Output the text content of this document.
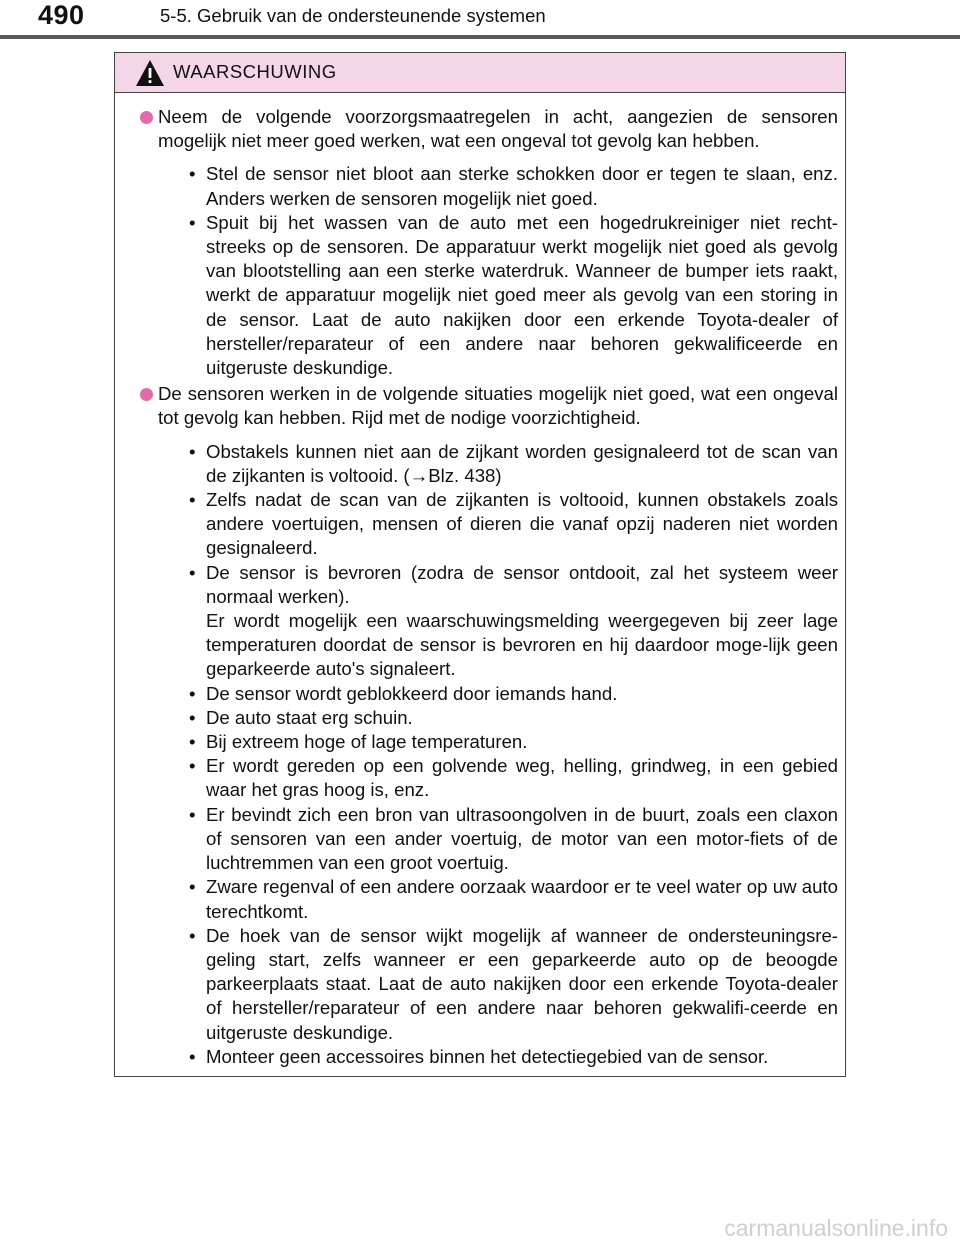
490	5-5. Gebruik van de ondersteunende systemen
WAARSCHUWING

Neem de volgende voorzorgsmaatregelen in acht, aangezien de sensoren mogelijk niet meer goed werken, wat een ongeval tot gevolg kan hebben.

• Stel de sensor niet bloot aan sterke schokken door er tegen te slaan, enz. Anders werken de sensoren mogelijk niet goed.
• Spuit bij het wassen van de auto met een hogedrukreiniger niet recht-streeks op de sensoren. De apparatuur werkt mogelijk niet goed als gevolg van blootstelling aan een sterke waterdruk. Wanneer de bumper iets raakt, werkt de apparatuur mogelijk niet goed meer als gevolg van een storing in de sensor. Laat de auto nakijken door een erkende Toyota-dealer of hersteller/reparateur of een andere naar behoren gekwalificeerde en uitgeruste deskundige.

De sensoren werken in de volgende situaties mogelijk niet goed, wat een ongeval tot gevolg kan hebben. Rijd met de nodige voorzichtigheid.

• Obstakels kunnen niet aan de zijkant worden gesignaleerd tot de scan van de zijkanten is voltooid. (→Blz. 438)
• Zelfs nadat de scan van de zijkanten is voltooid, kunnen obstakels zoals andere voertuigen, mensen of dieren die vanaf opzij naderen niet worden gesignaleerd.
• De sensor is bevroren (zodra de sensor ontdooit, zal het systeem weer normaal werken).
Er wordt mogelijk een waarschuwingsmelding weergegeven bij zeer lage temperaturen doordat de sensor is bevroren en hij daardoor moge-lijk geen geparkeerde auto's signaleert.
• De sensor wordt geblokkeerd door iemands hand.
• De auto staat erg schuin.
• Bij extreem hoge of lage temperaturen.
• Er wordt gereden op een golvende weg, helling, grindweg, in een gebied waar het gras hoog is, enz.
• Er bevindt zich een bron van ultrasoongolven in de buurt, zoals een claxon of sensoren van een ander voertuig, de motor van een motor-fiets of de luchtremmen van een groot voertuig.
• Zware regenval of een andere oorzaak waardoor er te veel water op uw auto terechtkomt.
• De hoek van de sensor wijkt mogelijk af wanneer de ondersteuningsre-geling start, zelfs wanneer er een geparkeerde auto op de beoogde parkeerplaats staat. Laat de auto nakijken door een erkende Toyota-dealer of hersteller/reparateur of een andere naar behoren gekwalifi-ceerde en uitgeruste deskundige.
• Monteer geen accessoires binnen het detectiegebied van de sensor.
carmanualsonline.info
